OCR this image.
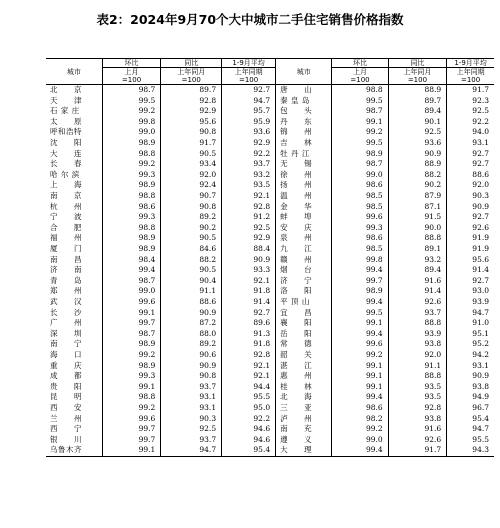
表2：2024年9月70个大中城市二手住宅销售价格指数
城市	环比	同比	1-9月平均	城市	环比	同比	1-9月平均
	上月	上年同月	上年同期		上月	上年同月	上年同期
	=100	=100	=100		=100	=100	=100
北　　京	98.7	89.7	92.7	唐　　山	98.8	88.9	91.7
天　　津	99.5	92.8	94.7	秦 皇 岛	99.5	89.7	92.3
石 家 庄	99.2	92.9	95.7	包　　头	98.7	89.4	92.5
太　　原	99.8	95.6	95.9	丹　　东	99.1	90.1	92.2
呼和浩特	99.0	90.8	93.6	锦　　州	99.2	92.5	94.0
沈　　阳	98.9	91.7	92.9	吉　　林	99.5	93.6	93.1
大　　连	98.8	90.5	92.2	牡 丹 江	98.9	90.9	92.7
长　　春	99.2	93.4	93.7	无　　锡	98.7	88.9	92.7
哈 尔 滨	99.3	92.0	93.2	徐　　州	99.0	88.2	88.6
上　　海	98.9	92.4	93.5	扬　　州	98.6	90.2	92.0
南　　京	98.8	90.7	92.1	温　　州	98.5	87.9	90.3
杭　　州	98.6	90.8	92.8	金　　华	98.5	87.1	90.9
宁　　波	99.3	89.2	91.2	蚌　　埠	99.6	91.5	92.7
合　　肥	98.8	90.2	92.5	安　　庆	99.3	90.0	92.6
福　　州	98.9	90.5	92.9	泉　　州	98.6	88.8	91.9
厦　　门	98.9	84.6	88.4	九　　江	98.5	89.1	91.9
南　　昌	98.4	88.2	90.9	赣　　州	99.8	93.2	95.6
济　　南	99.4	90.5	93.3	烟　　台	99.4	89.4	91.4
青　　岛	98.7	90.4	92.1	济　　宁	99.7	91.6	92.7
郑　　州	99.0	91.1	91.8	洛　　阳	98.9	91.4	93.0
武　　汉	99.6	88.6	91.4	平 顶 山	99.4	92.6	93.9
长　　沙	99.1	90.9	92.7	宜　　昌	99.5	93.7	94.7
广　　州	99.7	87.2	89.6	襄　　阳	99.1	88.8	91.0
深　　圳	98.7	88.0	91.3	岳　　阳	99.4	93.9	95.1
南　　宁	98.9	89.2	91.8	常　　德	99.6	93.8	95.2
海　　口	99.2	90.6	92.8	韶　　关	99.2	92.0	94.2
重　　庆	98.9	90.9	92.1	湛　　江	99.1	91.1	93.1
成　　都	99.3	90.8	92.1	惠　　州	99.1	88.8	90.9
贵　　阳	99.1	93.7	94.4	桂　　林	99.1	93.5	93.8
昆　　明	98.8	93.1	95.5	北　　海	99.4	93.5	94.9
西　　安	99.2	93.1	95.0	三　　亚	98.6	92.8	96.7
兰　　州	99.6	90.3	92.2	泸　　州	98.2	93.8	95.4
西　　宁	99.7	92.5	94.6	南　　充	99.2	91.6	94.7
银　　川	99.7	93.7	94.6	遵　　义	99.0	92.6	95.5
乌鲁木齐	99.1	94.7	95.4	大　　理	99.4	91.7	94.3
